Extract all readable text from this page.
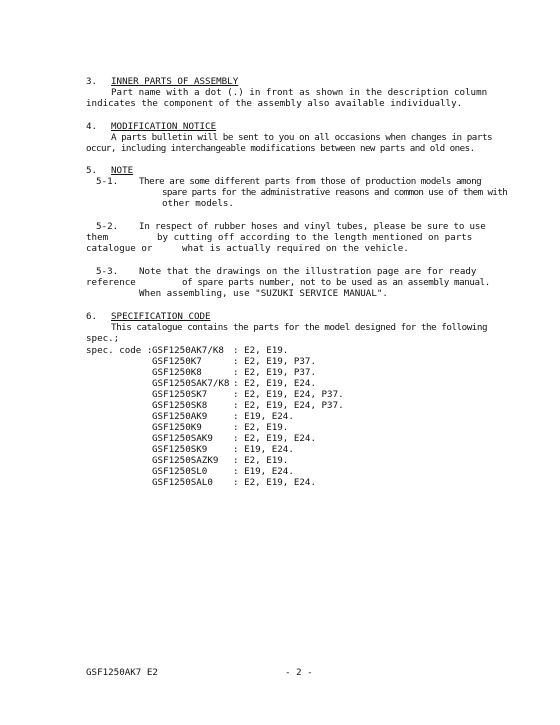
3. INNER PARTS OF ASSEMBLY
Part name with a dot (.) in front as shown in the description column
indicates the component of the assembly also available individually.
4. MODIFICATION NOTICE
A parts bulletin will be sent to you on all occasions when changes in parts
occur, including interchangeable modifications between new parts and old ones.
5. NOTE
5-1. There are some different parts from those of production models among
spare parts for the administrative reasons and common use of them with
other models.
5-2. In respect of rubber hoses and vinyl tubes, please be sure to use
them	by cutting off according to the length mentioned on parts
catalogue or	what is actually required on the vehicle.
5-3. Note that the drawings on the illustration page are for ready
reference	of spare parts number, not to be used as an assembly manual.
When assembling, use "SUZUKI SERVICE MANUAL".
6. SPECIFICATION CODE
This catalogue contains the parts for the model designed for the following
spec.;
spec. code : GSF1250AK7/K8 : E2, E19.
GSF1250K7	: E2, E19, P37.
GSF1250K8	: E2, E19, P37.
GSF1250SAK7/K8 : E2, E19, E24.
GSF1250SK7	: E2, E19, E24, P37.
GSF1250SK8	: E2, E19, E24, P37.
GSF1250AK9	: E19, E24.
GSF1250K9	: E2, E19.
GSF1250SAK9 : E2, E19, E24.
GSF1250SK9	: E19, E24.
GSF1250SAZK9 : E2, E19.
GSF1250SL0	: E19, E24.
GSF1250SAL0 : E2, E19, E24.
GSF1250AK7 E2	- 2 -
